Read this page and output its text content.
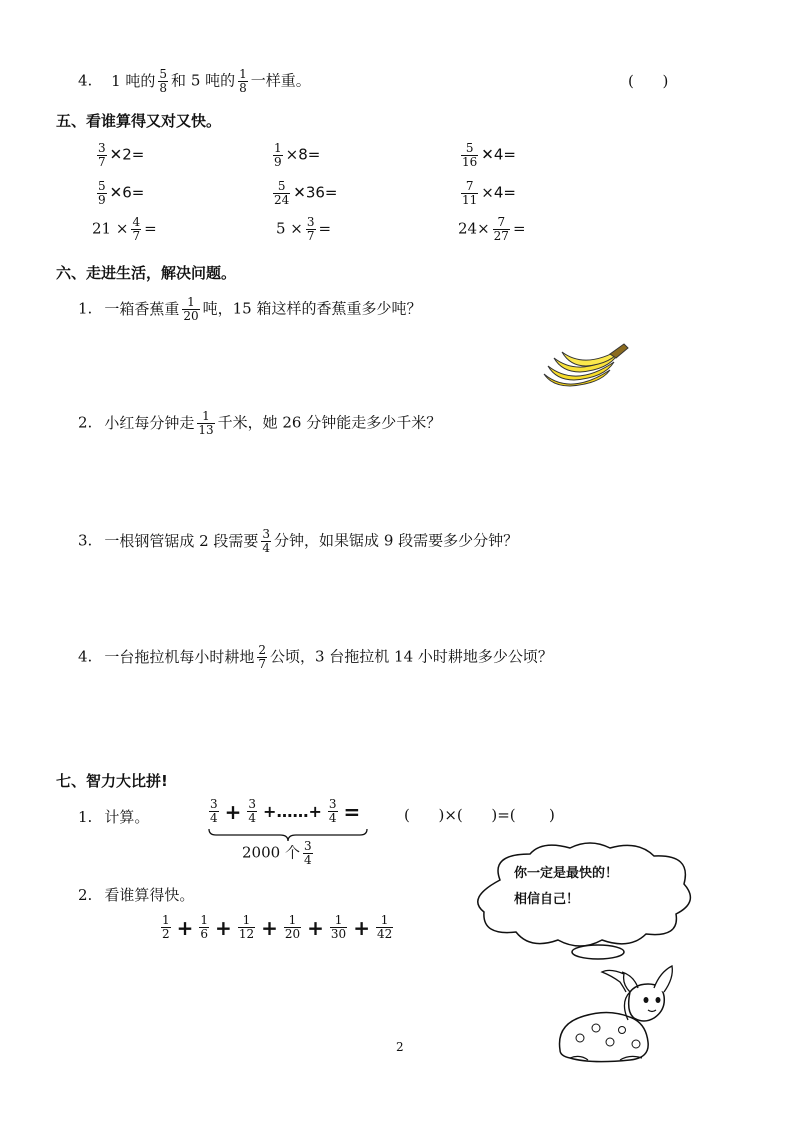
4. 1 吨的 $\frac{5}{8}$ 和 5 吨的 $\frac{1}{8}$ 一样重。	(      )
五、看谁算得又对又快。
$\frac{3}{7}$ ✕2=	$\frac{1}{9} \times 8=$	$\frac{5}{16}$ ✕4=
$\frac{5}{9}$ ✕6=	$\frac{5}{24}$ ✕36=	$\frac{7}{11} \times 4=$
$21 \times \frac{4}{7}$ =	$5 \times \frac{3}{7}$ =	$24\times \frac{7}{27}$ =
六、走进生活，解决问题。
1. 一箱香蕉重 $\frac{1}{20}$ 吨，15 箱这样的香蕉重多少吨？
2. 小红每分钟走 $\frac{1}{13}$ 千米，她 26 分钟能走多少千米？
3. 一根钢管锯成 2 段需要 $\frac{3}{4}$ 分钟，如果锯成 9 段需要多少分钟？
4. 一台拖拉机每小时耕地 $\frac{2}{7}$ 公顷，3 台拖拉机 14 小时耕地多少公顷？
七、智力大比拼!
1. 计算。	$\frac{3}{4} + \frac{3}{4}$ +……+ $\frac{3}{4}$ =	(      )×(      )=(       )
2000 个 $\frac{3}{4}$
2. 看谁算得快。
$\frac{1}{2} + \frac{1}{6} + \frac{1}{12} + \frac{1}{20} + \frac{1}{30} + \frac{1}{42}$
你一定是最快的！
相信自己！
2
